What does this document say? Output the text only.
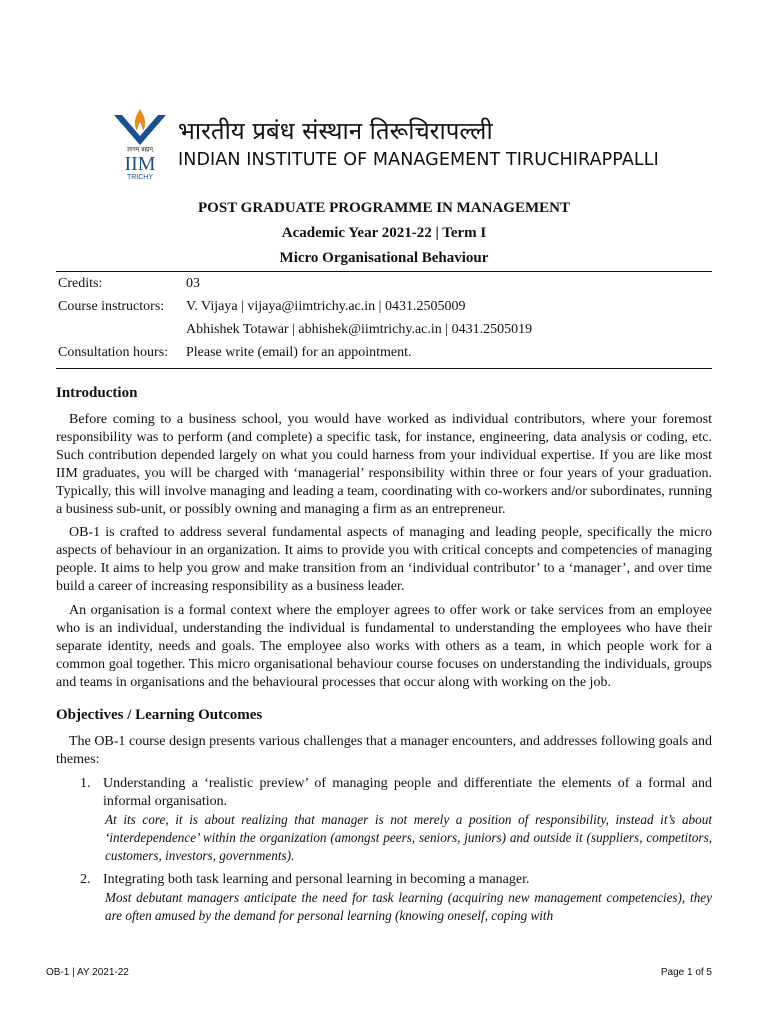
ज्ञानम् ब्रह्मम्
IIM
TRICHY
भारतीय प्रबंध संस्थान तिरूचिरापल्ली
INDIAN INSTITUTE OF MANAGEMENT TIRUCHIRAPPALLI
POST GRADUATE PROGRAMME IN MANAGEMENT
Academic Year 2021-22 | Term I
Micro Organisational Behaviour
Credits:	03
Course instructors: V. Vijaya | vijaya@iimtrichy.ac.in | 0431.2505009
Abhishek Totawar | abhishek@iimtrichy.ac.in | 0431.2505019
Consultation hours: Please write (email) for an appointment.
Introduction

Before coming to a business school, you would have worked as individual contributors, where your foremost responsibility was to perform (and complete) a specific task, for instance, engineering, data analysis or coding, etc. Such contribution depended largely on what you could harness from your individual expertise. If you are like most IIM graduates, you will be charged with ‘managerial’ responsibility within three or four years of your graduation. Typically, this will involve managing and leading a team, coordinating with co-workers and/or subordinates, running a business sub-unit, or possibly owning and managing a firm as an entrepreneur.

OB-1 is crafted to address several fundamental aspects of managing and leading people, specifically the micro aspects of behaviour in an organization. It aims to provide you with critical concepts and competencies of managing people. It aims to help you grow and make transition from an ‘individual contributor’ to a ‘manager’, and over time build a career of increasing responsibility as a business leader.

An organisation is a formal context where the employer agrees to offer work or take services from an employee who is an individual, understanding the individual is fundamental to understanding the employees who have their separate identity, needs and goals. The employee also works with others as a team, in which people work for a common goal together. This micro organisational behaviour course focuses on understanding the individuals, groups and teams in organisations and the behavioural processes that occur along with working on the job.

Objectives / Learning Outcomes

The OB-1 course design presents various challenges that a manager encounters, and addresses following goals and themes:

1. Understanding a ‘realistic preview’ of managing people and differentiate the elements of a formal and informal organisation.
At its core, it is about realizing that manager is not merely a position of responsibility, instead it’s about ‘interdependence’ within the organization (amongst peers, seniors, juniors) and outside it (suppliers, competitors, customers, investors, governments).
2. Integrating both task learning and personal learning in becoming a manager.
Most debutant managers anticipate the need for task learning (acquiring new management competencies), they are often amused by the demand for personal learning (knowing oneself, coping with
OB-1 | AY 2021-22	Page 1 of 5
